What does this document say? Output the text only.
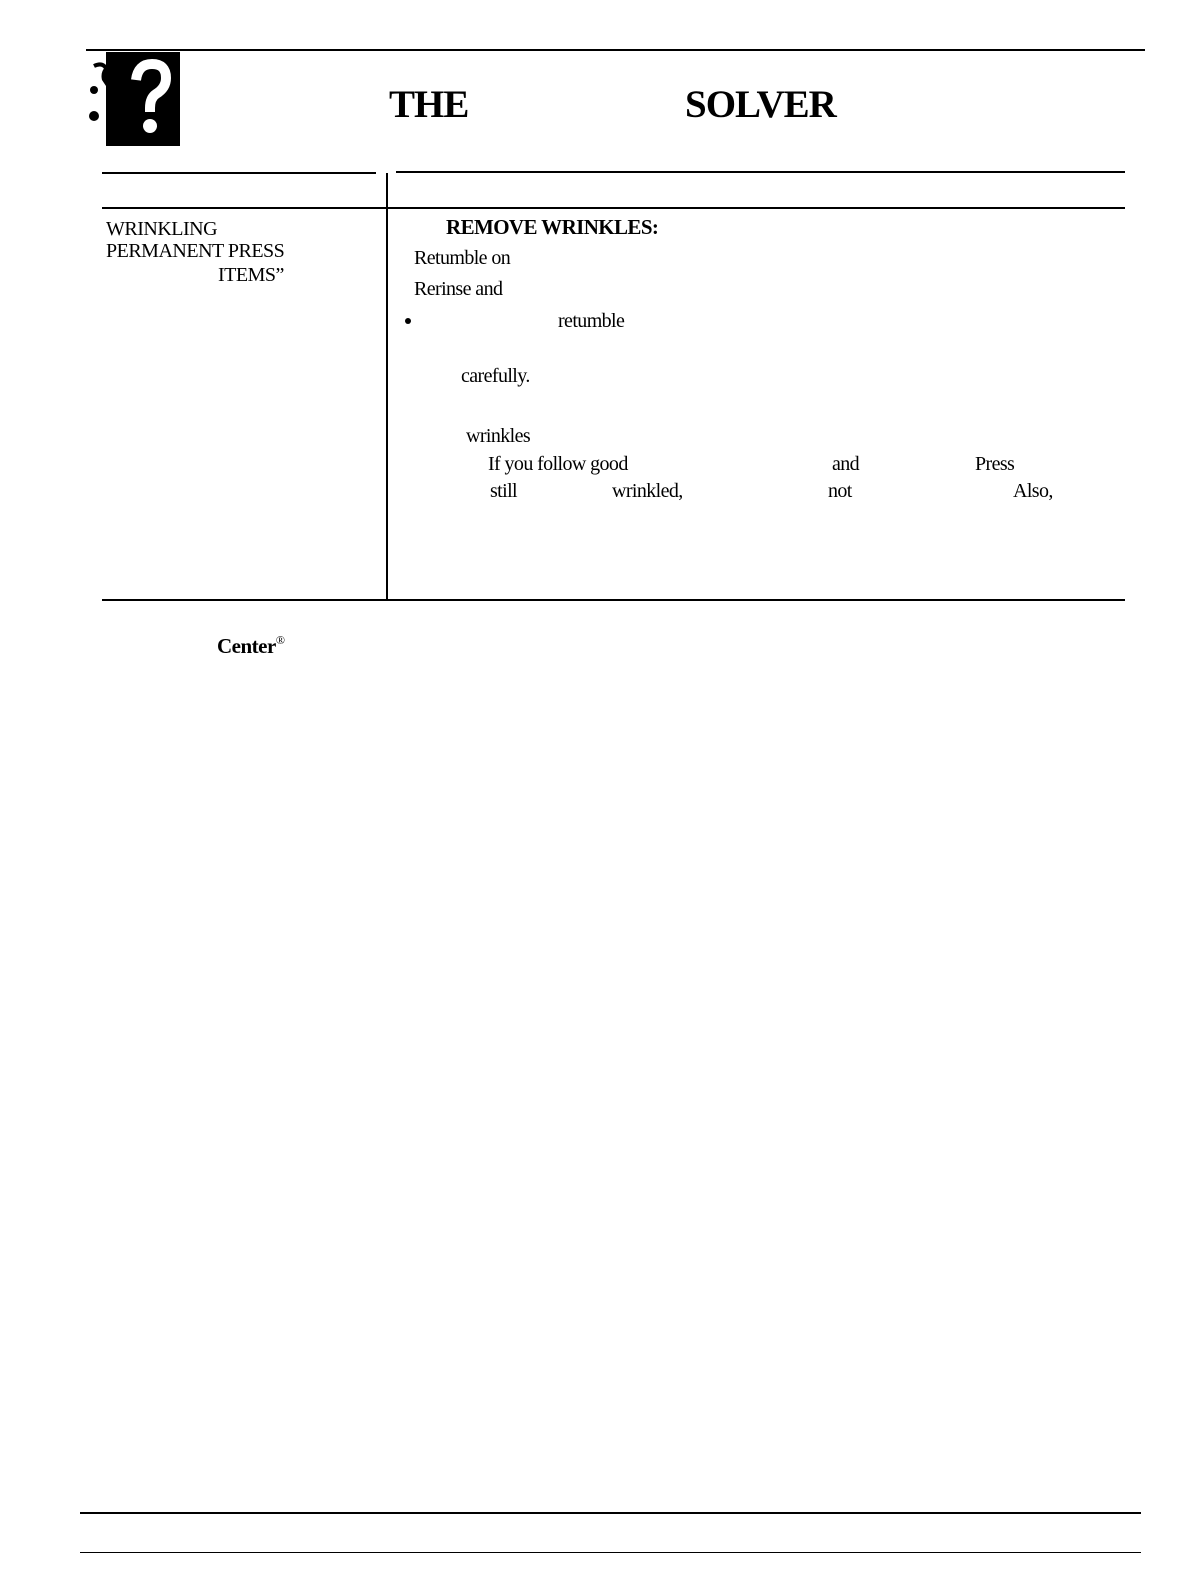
THE	SOLVER
WRINKLING
PERMANENT PRESS
ITEMS”
REMOVE WRINKLES:
Retumble on
Rerinse and
retumble
carefully.
wrinkles
If you follow good	and	Press
still	wrinkled,	not	Also,
Center®
